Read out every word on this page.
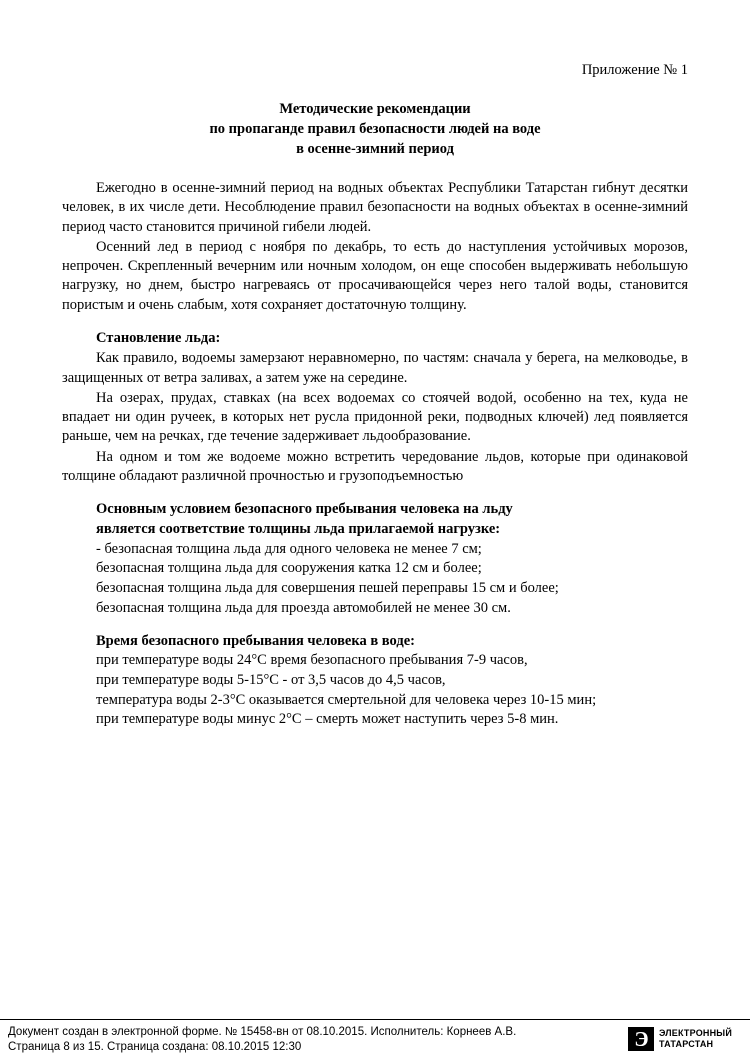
Приложение № 1
Методические рекомендации
по пропаганде правил безопасности людей на воде
в осенне-зимний период

Ежегодно в осенне-зимний период на водных объектах Республики Татарстан гибнут десятки человек, в их числе дети. Несоблюдение правил безопасности на водных объектах в осенне-зимний период часто становится причиной гибели людей.

Осенний лед в период с ноября по декабрь, то есть до наступления устойчивых морозов, непрочен. Скрепленный вечерним или ночным холодом, он еще способен выдерживать небольшую нагрузку, но днем, быстро нагреваясь от просачивающейся через него талой воды, становится пористым и очень слабым, хотя сохраняет достаточную толщину.

Становление льда:

Как правило, водоемы замерзают неравномерно, по частям: сначала у берега, на мелководье, в защищенных от ветра заливах, а затем уже на середине.

На озерах, прудах, ставках (на всех водоемах со стоячей водой, особенно на тех, куда не впадает ни один ручеек, в которых нет русла придонной реки, подводных ключей) лед появляется раньше, чем на речках, где течение задерживает льдообразование.

На одном и том же водоеме можно встретить чередование льдов, которые при одинаковой толщине обладают различной прочностью и грузоподъемностью

Основным условием безопасного пребывания человека на льду
является соответствие толщины льда прилагаемой нагрузке:
- безопасная толщина льда для одного человека не менее 7 см;
безопасная толщина льда для сооружения катка 12 см и более;
безопасная толщина льда для совершения пешей переправы 15 см и более;
безопасная толщина льда для проезда автомобилей не менее 30 см.
Время безопасного пребывания человека в воде:
при температуре воды 24°С время безопасного пребывания 7-9 часов,
при температуре воды 5-15°С - от 3,5 часов до 4,5 часов,
температура воды 2-3°С оказывается смертельной для человека через 10-15 мин;
при температуре воды минус 2°С – смерть может наступить через 5-8 мин.
Документ создан в электронной форме. № 15458-вн от 08.10.2015. Исполнитель: Корнеев А.В.
Страница 8 из 15. Страница создана: 08.10.2015 12:30	Э	ЭЛЕКТРОННЫЙ
ТАТАРСТАН
